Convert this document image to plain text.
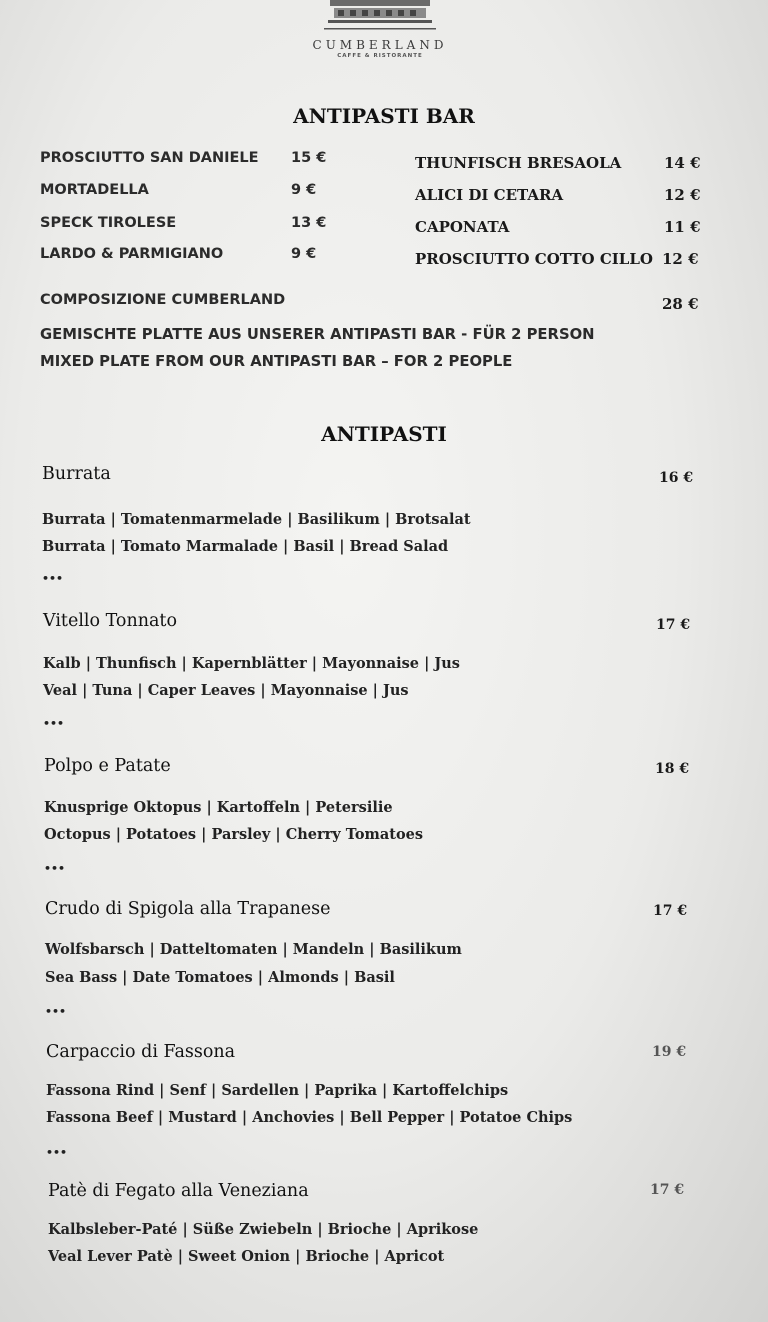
CUMBERLAND
CAFFE & RISTORANTE
ANTIPASTI BAR
PROSCIUTTO SAN DANIELE 15 €
MORTADELLA	9 €
SPECK TIROLESE	13 €
LARDO & PARMIGIANO	9 €
THUNFISCH BRESAOLA	14 €
ALICI DI CETARA	12 €
CAPONATA	11 €
PROSCIUTTO COTTO CILLO 12 €
COMPOSIZIONE CUMBERLAND	28 €
GEMISCHTE PLATTE AUS UNSERER ANTIPASTI BAR - FÜR 2 PERSON
MIXED PLATE FROM OUR ANTIPASTI BAR – FOR 2 PEOPLE
ANTIPASTI
Burrata	16 €
Burrata | Tomatenmarmelade | Basilikum | Brotsalat
Burrata | Tomato Marmalade | Basil | Bread Salad
•••
Vitello Tonnato	17 €
Kalb | Thunfisch | Kapernblätter | Mayonnaise | Jus
Veal | Tuna | Caper Leaves | Mayonnaise | Jus
•••
Polpo e Patate	18 €
Knusprige Oktopus | Kartoffeln | Petersilie
Octopus | Potatoes | Parsley | Cherry Tomatoes
•••
Crudo di Spigola alla Trapanese	17 €
Wolfsbarsch | Datteltomaten | Mandeln | Basilikum
Sea Bass | Date Tomatoes | Almonds | Basil
•••
Carpaccio di Fassona	19 €
Fassona Rind | Senf | Sardellen | Paprika | Kartoffelchips
Fassona Beef | Mustard | Anchovies | Bell Pepper | Potatoe Chips
•••
Patè di Fegato alla Veneziana	17 €
Kalbsleber-Paté | Süße Zwiebeln | Brioche | Aprikose
Veal Lever Patè | Sweet Onion | Brioche | Apricot
